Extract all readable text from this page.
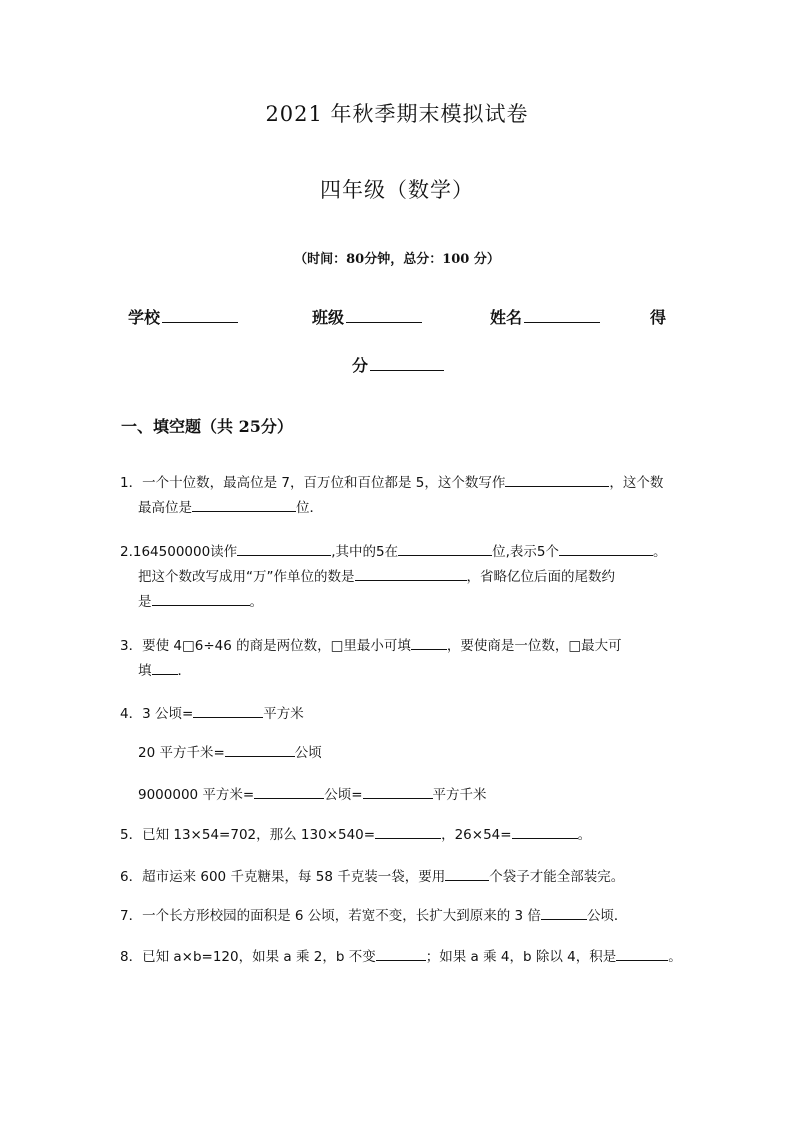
2021 年秋季期末模拟试卷
四年级（数学）
（时间：80分钟，总分：100 分）
学校	班级	姓名	得
分
一、填空题（共 25分）
1．一个十位数，最高位是 7，百万位和百位都是 5，这个数写作	，这个数
最高位是	位．
2.164500000读作	,其中的5在	位,表示5个	。
把这个数改写成用“万”作单位的数是	，省略亿位后面的尾数约
是	。
3．要使 4□6÷46 的商是两位数，□里最小可填	，要使商是一位数，□最大可
填 ．
4．3 公顷=	平方米
20 平方千米=	公顷
9000000 平方米=	公顷=	平方千米
5．已知 13×54=702，那么 130×540=	，26×54=	。
6．超市运来 600 千克糖果，每 58 千克装一袋，要用	个袋子才能全部装完。
7．一个长方形校园的面积是 6 公顷，若宽不变，长扩大到原来的 3 倍	公顷．
8．已知 a×b=120，如果 a 乘 2，b 不变	；如果 a 乘 4，b 除以 4，积是	。
